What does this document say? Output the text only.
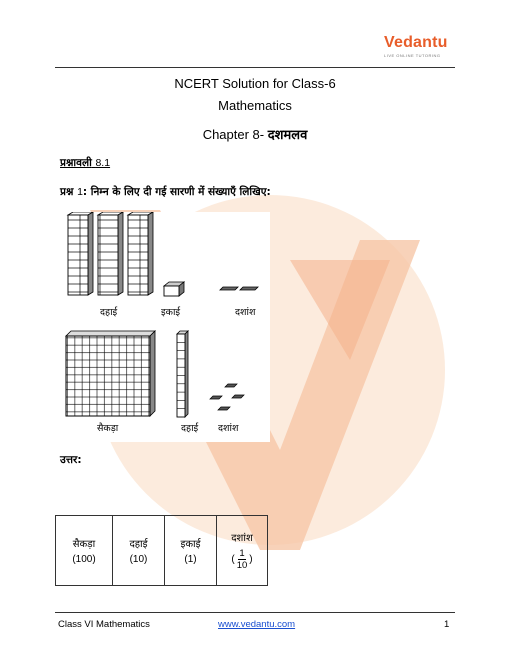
Vedantu
LIVE ONLINE TUTORING
NCERT Solution for Class-6
Mathematics
Chapter 8- दशमलव
प्रश्नावली 8.1
प्रश्न 1: निम्न के लिए दी गई सारणी में संख्याएँ लिखिए:
दहाई	इकाई	दशांश
सैकड़ा	दहाई दशांश
उत्तर:
सैकड़ा
(100)
	दहाई
(10)
	इकाई
(1)
	दशांश

( $\frac{1}{10}$ )
Class VI Mathematics	www.vedantu.com	1
